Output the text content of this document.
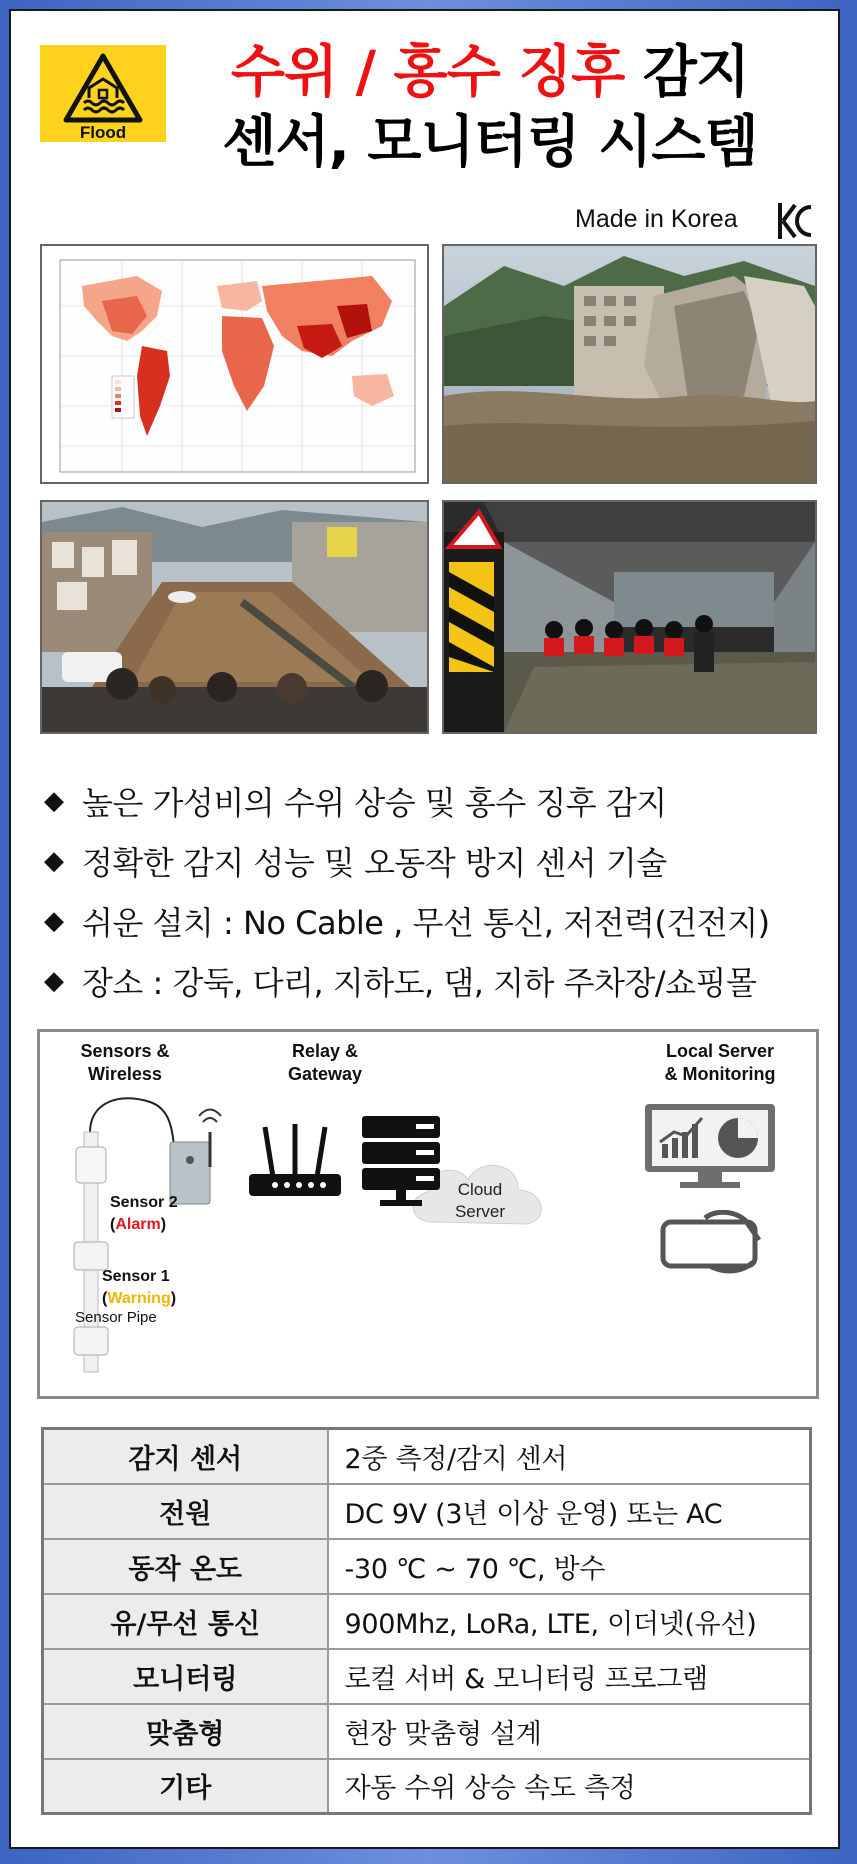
Flood
수위 / 홍수 징후 감지
센서, 모니터링 시스템
Made in Korea
◆ 높은 가성비의 수위 상승 및 홍수 징후 감지
◆ 정확한 감지 성능 및 오동작 방지 센서 기술
◆ 쉬운 설치 : No Cable , 무선 통신, 저전력(건전지)
◆ 장소 : 강둑, 다리, 지하도, 댐, 지하 주차장/쇼핑몰
Sensors &
Wireless
Relay &
Gateway
Local Server
& Monitoring
Sensor 2
(Alarm)
Sensor 1
(Warning)
Sensor Pipe
Cloud
Server
감지 센서	2중 측정/감지 센서
전원	DC 9V (3년 이상 운영) 또는 AC
동작 온도	-30 ℃ ~ 70 ℃, 방수
유/무선 통신	900Mhz, LoRa, LTE, 이더넷(유선)
모니터링	로컬 서버 & 모니터링 프로그램
맞춤형	현장 맞춤형 설계
기타	자동 수위 상승 속도 측정
